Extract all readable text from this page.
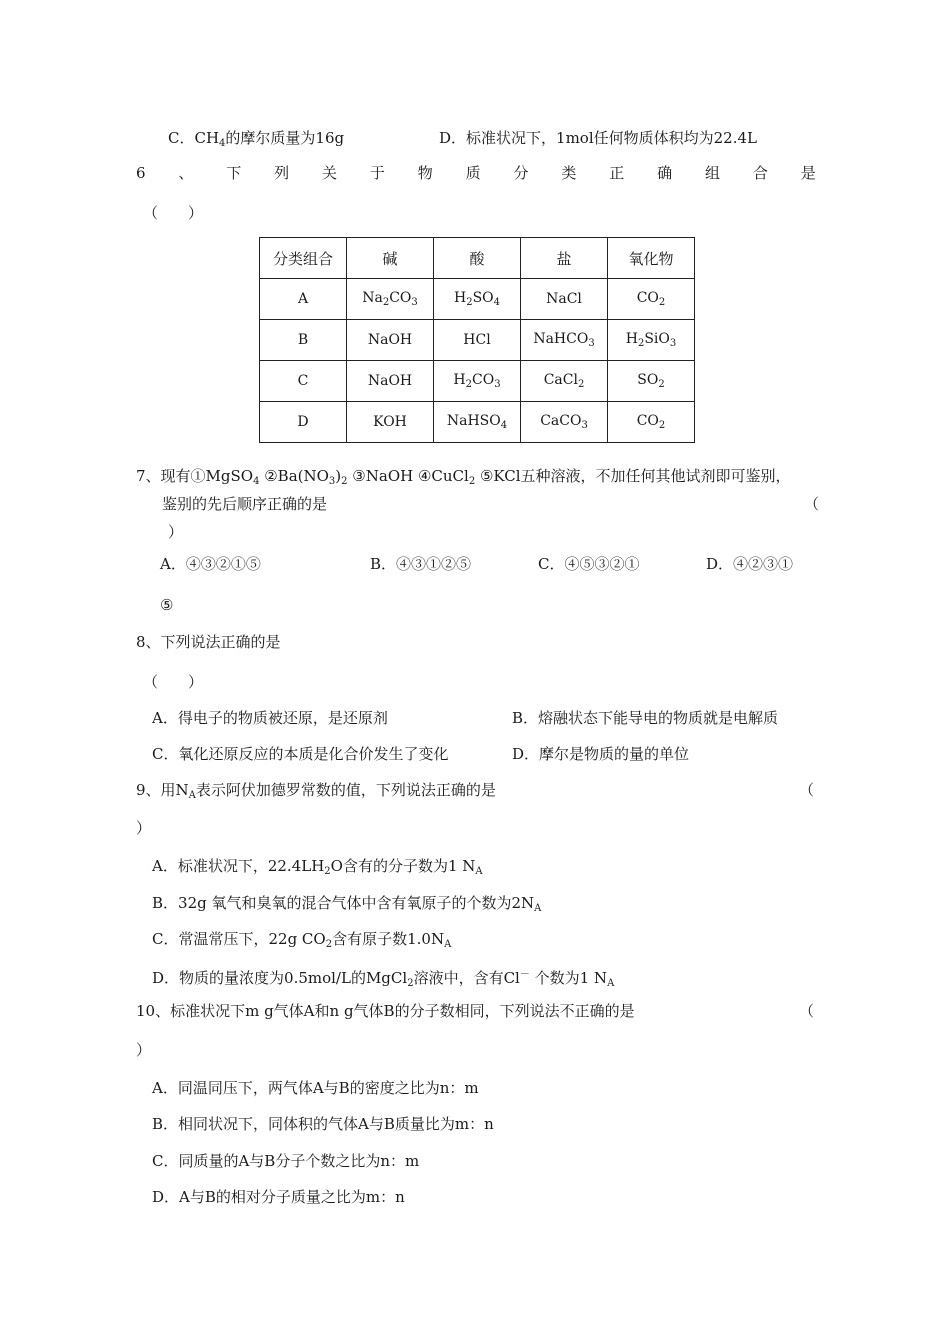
C．$CH_4$的摩尔质量为16g	D．标准状况下，1mol任何物质体积均为22.4L
6 、 下 列 关 于 物 质 分 类 正 确 组 合 是
（　　）
分类组合	碱	酸	盐	氧化物
A	$Na_2CO_3$	$H_2SO_4$	NaCl	$CO_2$
B	NaOH	HCl	NaHCO$_3$	$H_2SiO_3$
C	NaOH	$H_2CO_3$	CaCl$_2$	$SO_2$
D	KOH	NaHSO$_4$	CaCO$_3$	$CO_2$
7、现有①MgSO$_4$ $②Ba(NO_3)_2$ ③NaOH ④CuCl$_2$ ⑤KCl五种溶液，不加任何其他试剂即可鉴别，
鉴别的先后顺序正确的是	（
）
A．④③②①⑤	B．④③①②⑤	C．④⑤③②①	D．④②③①
⑤
8、下列说法正确的是
（　　）
A．得电子的物质被还原，是还原剂	B．熔融状态下能导电的物质就是电解质
C．氧化还原反应的本质是化合价发生了变化	D．摩尔是物质的量的单位
9、用$N_A$表示阿伏加德罗常数的值，下列说法正确的是	（
）
A．标准状况下，$22.4LH_2O$含有的分子数为1 $N_A$
B．32g 氧气和臭氧的混合气体中含有氧原子的个数为$2N_A$
C．常温常压下，22g $CO_2$含有原子数$1.0N_A$
D．物质的量浓度为0.5mol/L的MgCl$_2$溶液中，含有Cl－ 个数为1 $N_A$
10、标准状况下m g气体A和n g气体B的分子数相同，下列说法不正确的是	（
）
A．同温同压下，两气体A与B的密度之比为n：m
B．相同状况下，同体积的气体A与B质量比为m：n
C．同质量的A与B分子个数之比为n：m
D．A与B的相对分子质量之比为m：n
